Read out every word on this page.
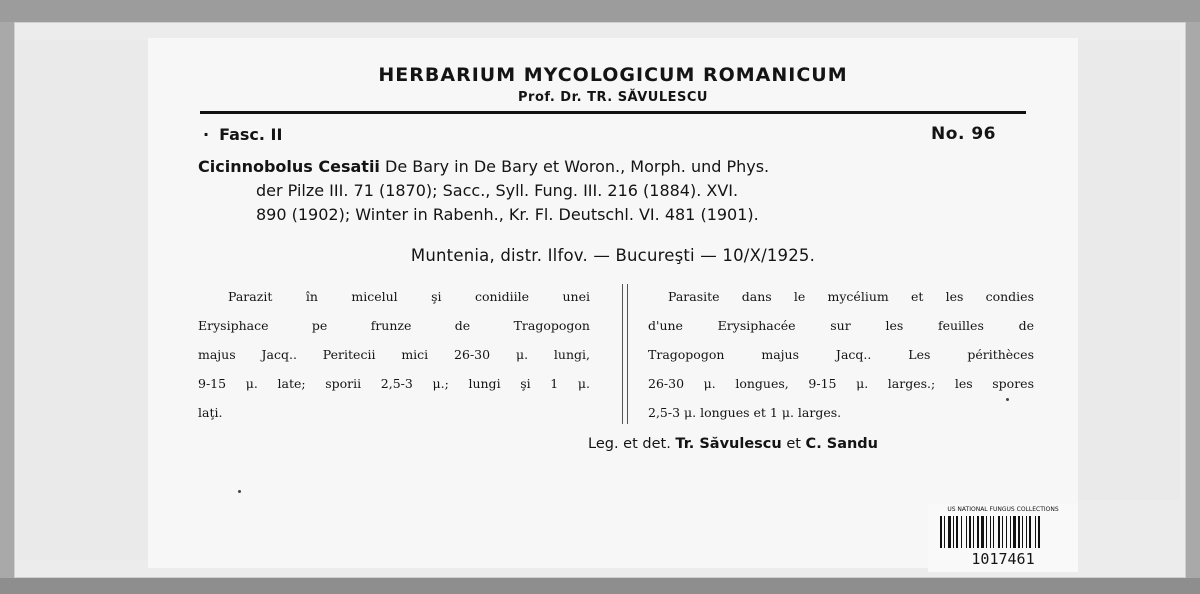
HERBARIUM MYCOLOGICUM ROMANICUM
Prof. Dr. TR. SĂVULESCU
· Fasc. II	No. 96
Cicinnobolus Cesatii De Bary in De Bary et Woron., Morph. und Phys.
der Pilze III. 71 (1870); Sacc., Syll. Fung. III. 216 (1884). XVI.
890 (1902); Winter in Rabenh., Kr. Fl. Deutschl. VI. 481 (1901).
Muntenia, distr. Ilfov. — Bucureşti — 10/X/1925.
Parazit în micelul şi conidiile unei
Erysiphace pe frunze de Tragopogon
majus Jacq.. Peritecii mici 26-30 μ. lungi,
9-15 μ. late; sporii 2,5-3 μ.; lungi şi 1 μ.
laţi.
Parasite dans le mycélium et les condies
d'une Erysiphacée sur les feuilles de
Tragopogon majus Jacq.. Les périthèces
26-30 μ. longues, 9-15 μ. larges.; les spores
2,5-3 μ. longues et 1 μ. larges.
Leg. et det. Tr. Săvulescu et C. Sandu
US NATIONAL FUNGUS COLLECTIONS
1017461
